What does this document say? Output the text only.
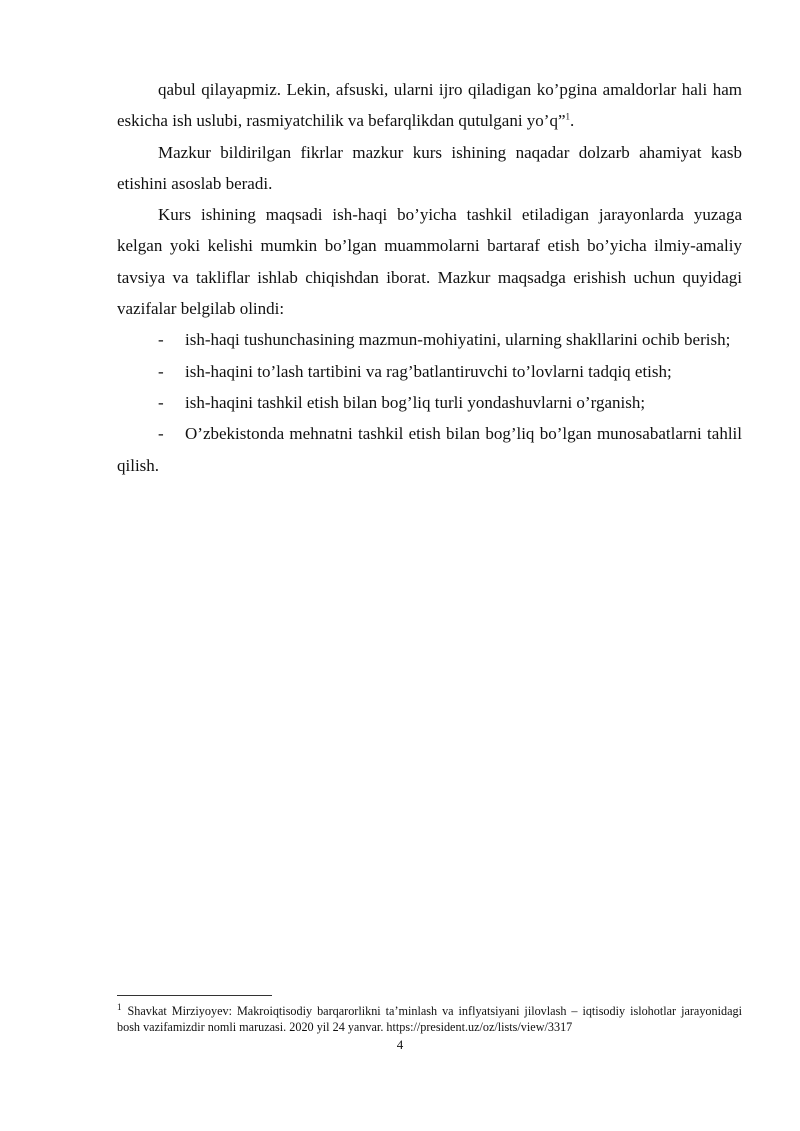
qabul qilayapmiz. Lekin, afsuski, ularni ijro qiladigan ko’pgina amaldorlar hali ham eskicha ish uslubi, rasmiyatchilik va befarqlikdan qutulgani yo’q”$^1$.

Mazkur bildirilgan fikrlar mazkur kurs ishining naqadar dolzarb ahamiyat kasb etishini asoslab beradi.

Kurs ishining maqsadi ish-haqi bo’yicha tashkil etiladigan jarayonlarda yuzaga kelgan yoki kelishi mumkin bo’lgan muammolarni bartaraf etish bo’yicha ilmiy-amaliy tavsiya va takliflar ishlab chiqishdan iborat. Mazkur maqsadga erishish uchun quyidagi vazifalar belgilab olindi:

- ish-haqi tushunchasining mazmun-mohiyatini, ularning shakllarini ochib berish;

- ish-haqini to’lash tartibini va rag’batlantiruvchi to’lovlarni tadqiq etish;

- ish-haqini tashkil etish bilan bog’liq turli yondashuvlarni o’rganish;

- O’zbekistonda mehnatni tashkil etish bilan bog’liq bo’lgan munosabatlarni tahlil qilish.

$^1$ Shavkat Mirziyoyev: Makroiqtisodiy barqarorlikni ta’minlash va inflyatsiyani jilovlash – iqtisodiy islohotlar jarayonidagi bosh vazifamizdir nomli maruzasi. 2020 yil 24 yanvar. https://president.uz/oz/lists/view/3317

4
